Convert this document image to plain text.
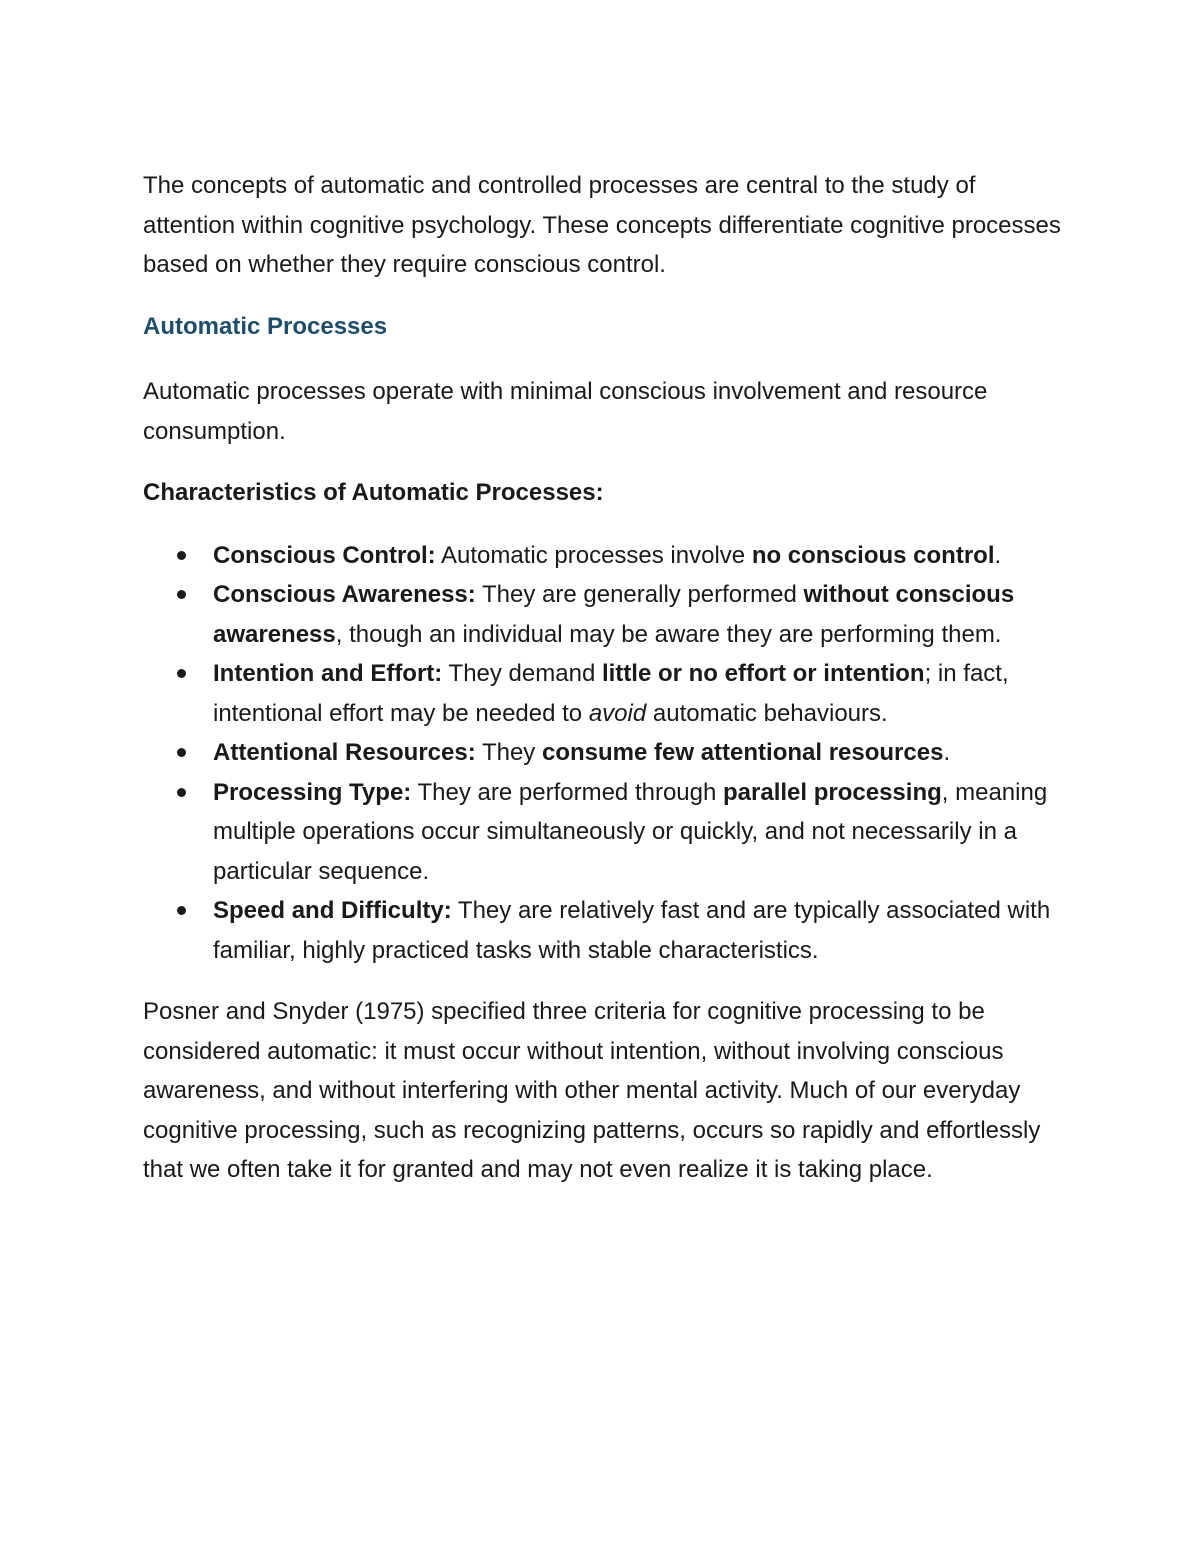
The concepts of automatic and controlled processes are central to the study of attention within cognitive psychology. These concepts differentiate cognitive processes based on whether they require conscious control.

Automatic Processes

Automatic processes operate with minimal conscious involvement and resource consumption.

Characteristics of Automatic Processes:

Conscious Control: Automatic processes involve no conscious control.
Conscious Awareness: They are generally performed without conscious awareness, though an individual may be aware they are performing them.
Intention and Effort: They demand little or no effort or intention; in fact, intentional effort may be needed to avoid automatic behaviours.
Attentional Resources: They consume few attentional resources.
Processing Type: They are performed through parallel processing, meaning multiple operations occur simultaneously or quickly, and not necessarily in a particular sequence.
Speed and Difficulty: They are relatively fast and are typically associated with familiar, highly practiced tasks with stable characteristics.

Posner and Snyder (1975) specified three criteria for cognitive processing to be considered automatic: it must occur without intention, without involving conscious awareness, and without interfering with other mental activity. Much of our everyday cognitive processing, such as recognizing patterns, occurs so rapidly and effortlessly that we often take it for granted and may not even realize it is taking place.
